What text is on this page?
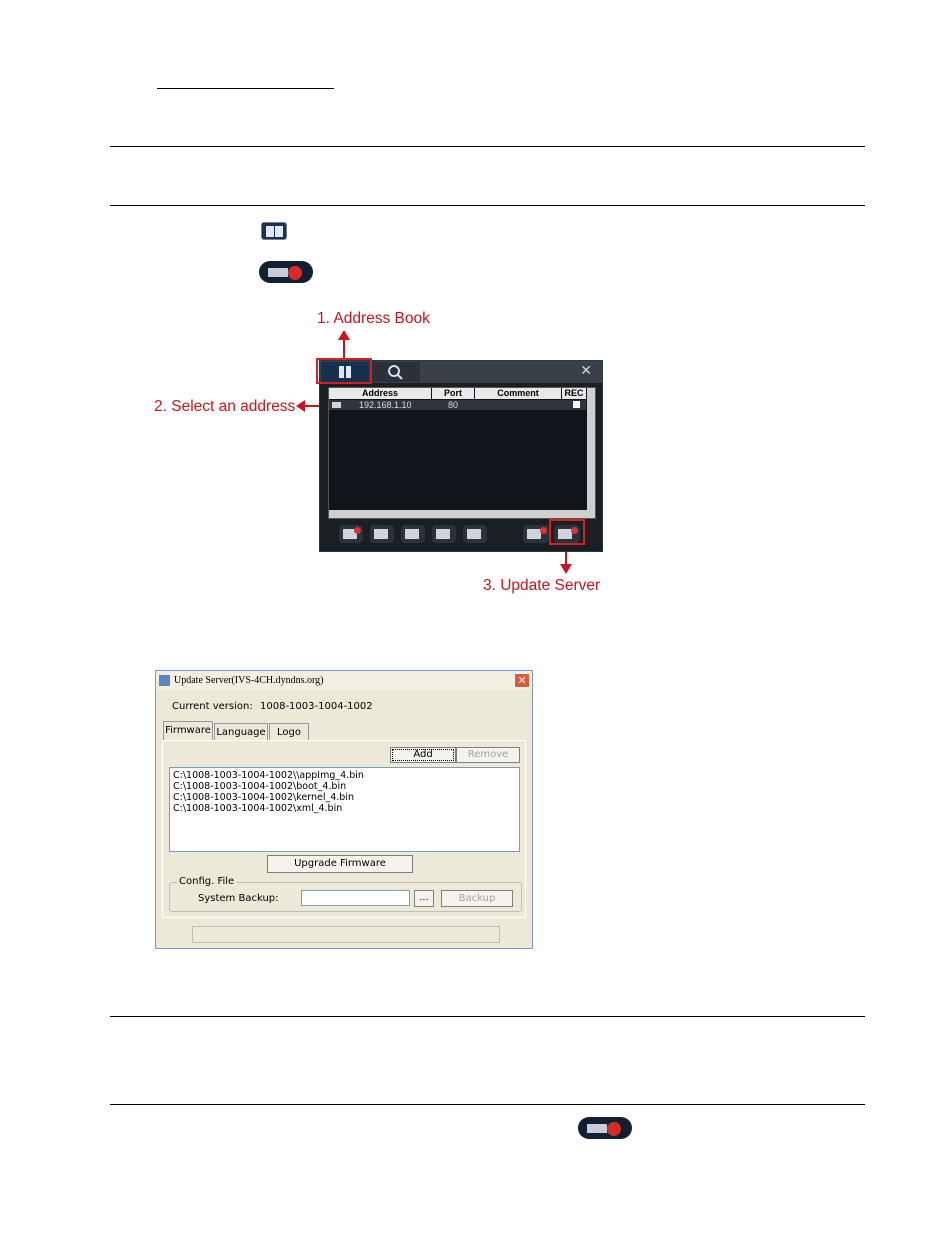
1. Address Book
2. Select an address
3. Update Server
✕
Address	Port	Comment	REC
192.168.1.10	80
Update Server(IVS-4CH.dyndns.org)	✕
Current version: 1008-1003-1004-1002
Firmware Language	Logo
Add	Remove
C:\1008-1003-1004-1002\\appImg_4.bin
C:\1008-1003-1004-1002\boot_4.bin
C:\1008-1003-1004-1002\kernel_4.bin
C:\1008-1003-1004-1002\xml_4.bin
Upgrade Firmware
Config. File
System Backup:	...	Backup
